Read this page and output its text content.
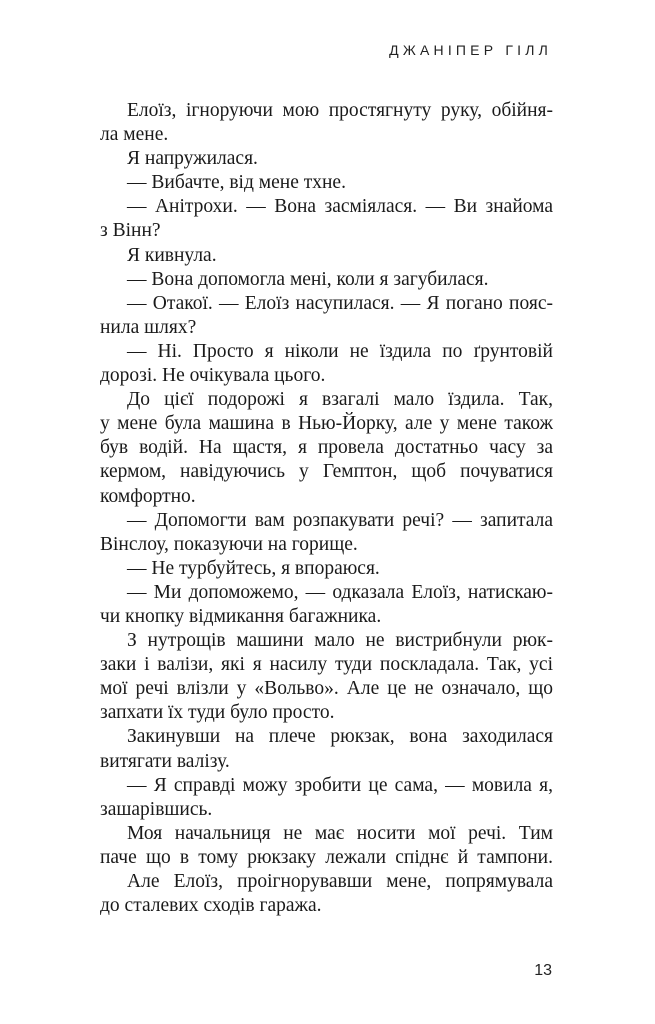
ДЖАНІПЕР ГІЛЛ
Елоїз, ігноруючи мою простягнуту руку, обійня-
ла мене.
Я напружилася.
— Вибачте, від мене тхне.
— Анітрохи. — Вона засміялася. — Ви знайома
з Вінн?
Я кивнула.
— Вона допомогла мені, коли я загубилася.
— Отакої. — Елоїз насупилася. — Я погано пояс-
нила шлях?
— Ні. Просто я ніколи не їздила по ґрунтовій
дорозі. Не очікувала цього.
До цієї подорожі я взагалі мало їздила. Так,
у мене була машина в Нью-Йорку, але у мене також
був водій. На щастя, я провела достатньо часу за
кермом, навідуючись у Гемптон, щоб почуватися
комфортно.
— Допомогти вам розпакувати речі? — запитала
Вінслоу, показуючи на горище.
— Не турбуйтесь, я впораюся.
— Ми допоможемо, — одказала Елоїз, натискаю-
чи кнопку відмикання багажника.
З нутрощів машини мало не вистрибнули рюк-
заки і валізи, які я насилу туди поскладала. Так, усі
мої речі влізли у «Вольво». Але це не означало, що
запхати їх туди було просто.
Закинувши на плече рюкзак, вона заходилася
витягати валізу.
— Я справді можу зробити це сама, — мовила я,
зашарівшись.
Моя начальниця не має носити мої речі. Тим
паче що в тому рюкзаку лежали спіднє й тампони.
Але Елоїз, проігнорувавши мене, попрямувала
до сталевих сходів гаража.
13
